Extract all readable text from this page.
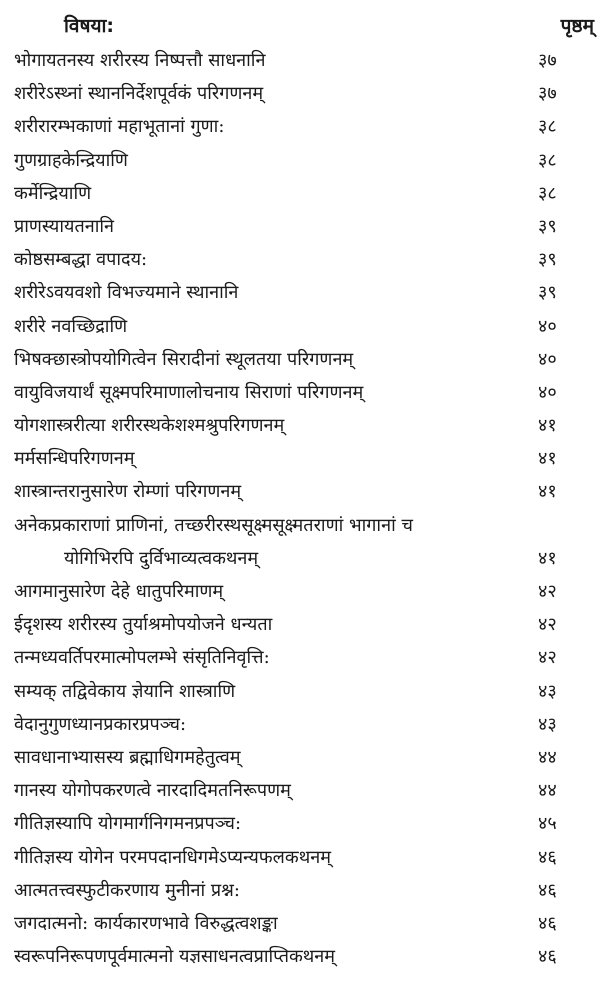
विषया:	पृष्ठम्
भोगायतनस्य शरीरस्य निष्पत्तौ साधनानि	३७
शरीरेऽस्थ्नां स्थाननिर्देशपूर्वकं परिगणनम्	३७
शरीरारम्भकाणां महाभूतानां गुणा:	३८
गुणग्राहकेन्द्रियाणि	३८
कर्मेन्द्रियाणि	३८
प्राणस्यायतनानि	३९
कोष्ठसम्बद्धा वपादय:	३९
शरीरेऽवयवशो विभज्यमाने स्थानानि	३९
शरीरे नवच्छिद्राणि	४०
भिषक्छास्त्रोपयोगित्वेन सिरादीनां स्थूलतया परिगणनम्	४०
वायुविजयार्थं सूक्ष्मपरिमाणालोचनाय सिराणां परिगणनम्	४०
योगशास्त्ररीत्या शरीरस्थकेशश्मश्रुपरिगणनम्	४१
मर्मसन्धिपरिगणनम्	४१
शास्त्रान्तरानुसारेण रोम्णां परिगणनम्	४१
अनेकप्रकाराणां प्राणिनां, तच्छरीरस्थसूक्ष्मसूक्ष्मतराणां भागानां च
योगिभिरपि दुर्विभाव्यत्वकथनम्	४१
आगमानुसारेण देहे धातुपरिमाणम्	४२
ईदृशस्य शरीरस्य तुर्याश्रमोपयोजने धन्यता	४२
तन्मध्यवर्तिपरमात्मोपलम्भे संसृतिनिवृत्ति:	४२
सम्यक् तद्विवेकाय ज्ञेयानि शास्त्राणि	४३
वेदानुगुणध्यानप्रकारप्रपञ्च:	४३
सावधानाभ्यासस्य ब्रह्माधिगमहेतुत्वम्	४४
गानस्य योगोपकरणत्वे नारदादिमतनिरूपणम्	४४
गीतिज्ञस्यापि योगमार्गनिगमनप्रपञ्च:	४५
गीतिज्ञस्य योगेन परमपदानधिगमेऽप्यन्यफलकथनम्	४६
आत्मतत्त्वस्फुटीकरणाय मुनीनां प्रश्न:	४६
जगदात्मनो: कार्यकारणभावे विरुद्धत्वशङ्का	४६
स्वरूपनिरूपणपूर्वमात्मनो यज्ञसाधनत्वप्राप्तिकथनम्	४६
